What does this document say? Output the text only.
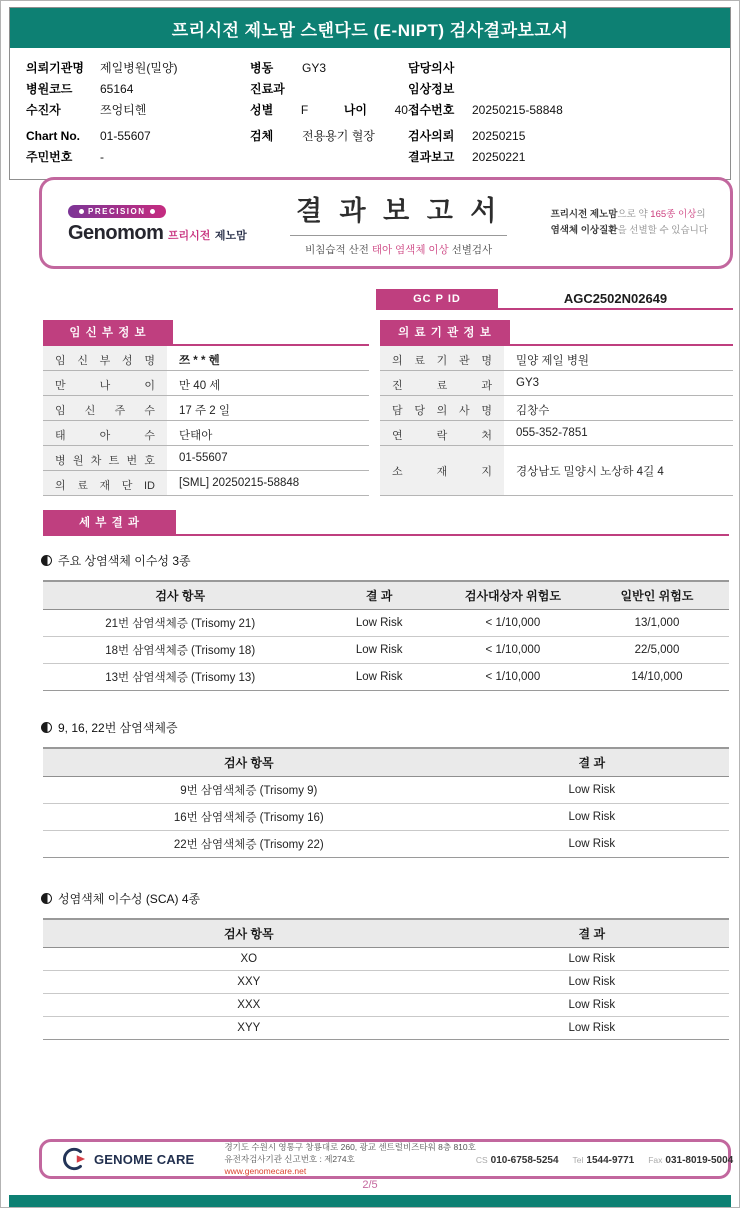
프리시전 제노맘 스탠다드 (E-NIPT) 검사결과보고서
의뢰기관명	제일병원(밀양)
병원코드	65164
수진자	쯔엉티헨
Chart No.	01-55607
주민번호	-
병동	GY3
진료과
성별	F	나이	40
검체	전용용기 혈장
담당의사
임상정보
접수번호	20250215-58848
검사의뢰	20250215
결과보고	20250221
PRECISION
Genomom 프리시전 제노맘
결 과 보 고 서
비침습적 산전 태아 염색체 이상 선별검사
프리시전 제노맘으로 약 165종 이상의
염색체 이상질환을 선별할 수 있습니다
GC P ID	AGC2502N02649
임 신 부 정 보
임 신 부 성 명	쯔 * * 헨
만 나 이	만 40 세
임 신 주 수	17 주 2 일
태 아 수	단태아
병 원 차 트 번 호	01-55607
의 료 재 단 ID	[SML] 20250215-58848
의 료 기 관 정 보
의 료 기 관 명	밀양 제일 병원
진 료 과	GY3
담 당 의 사 명	김창수
연 락 처	055-352-7851
소 재 지	경상남도 밀양시 노상하 4길 4
세 부 결 과
주요 상염색체 이수성 3종
검사 항목	결 과	검사대상자 위험도	일반인 위험도
21번 삼염색체증 (Trisomy 21)	Low Risk	< 1/10,000	13/1,000
18번 삼염색체증 (Trisomy 18)	Low Risk	< 1/10,000	22/5,000
13번 삼염색체증 (Trisomy 13)	Low Risk	< 1/10,000	14/10,000
9, 16, 22번 삼염색체증
검사 항목	결 과
9번 삼염색체증 (Trisomy 9)	Low Risk
16번 삼염색체증 (Trisomy 16)	Low Risk
22번 삼염색체증 (Trisomy 22)	Low Risk
성염색체 이수성 (SCA) 4종
검사 항목	결 과
XO	Low Risk
XXY	Low Risk
XXX	Low Risk
XYY	Low Risk
GENOME CARE
경기도 수원시 영통구 창룡대로 260, 광교 센트럴비즈타워 8층 810호
유전자검사기관 신고번호 : 제274호
www.genomecare.net
CS 010-6758-5254 Tel 1544-9771 Fax 031-8019-5004
2/5
